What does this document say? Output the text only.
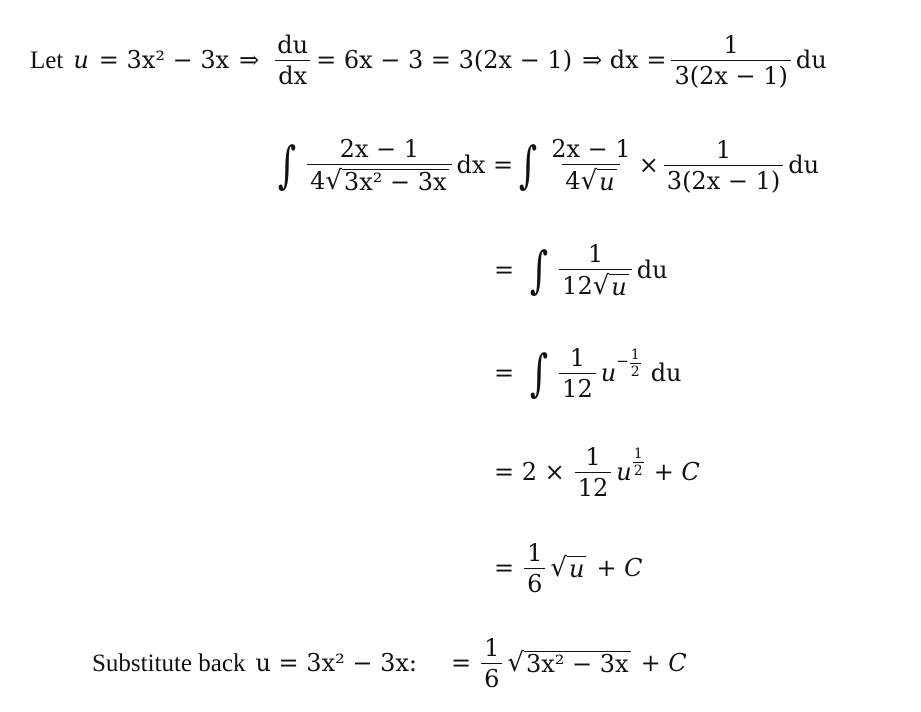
Let u = 3x² − 3x ⇒ $\frac{du}{dx} = 6x - 3 = 3(2x - 1)$ ⇒ dx = $\frac{1}{3(2x - 1)}$ du
∫ $\frac{2x - 1}{\text{4 √ 3x² − 3x}}$ dx = ∫ $\frac{2x - 1}{4 √ u} \times \frac{1}{3(2x - 1)}$ du
= ∫ $\frac{1}{12 √ u}$ du
= ∫ $\frac{1}{12}$ $u - \frac{1}{2}$ du
= $2 \times \frac{1}{12}$ u $\frac{1}{2} + C$
= $\frac{1}{6}$ √ u + C
Substitute back u = 3x² − 3x: = $\frac{1}{6}$ √ 3x² − 3x + C
